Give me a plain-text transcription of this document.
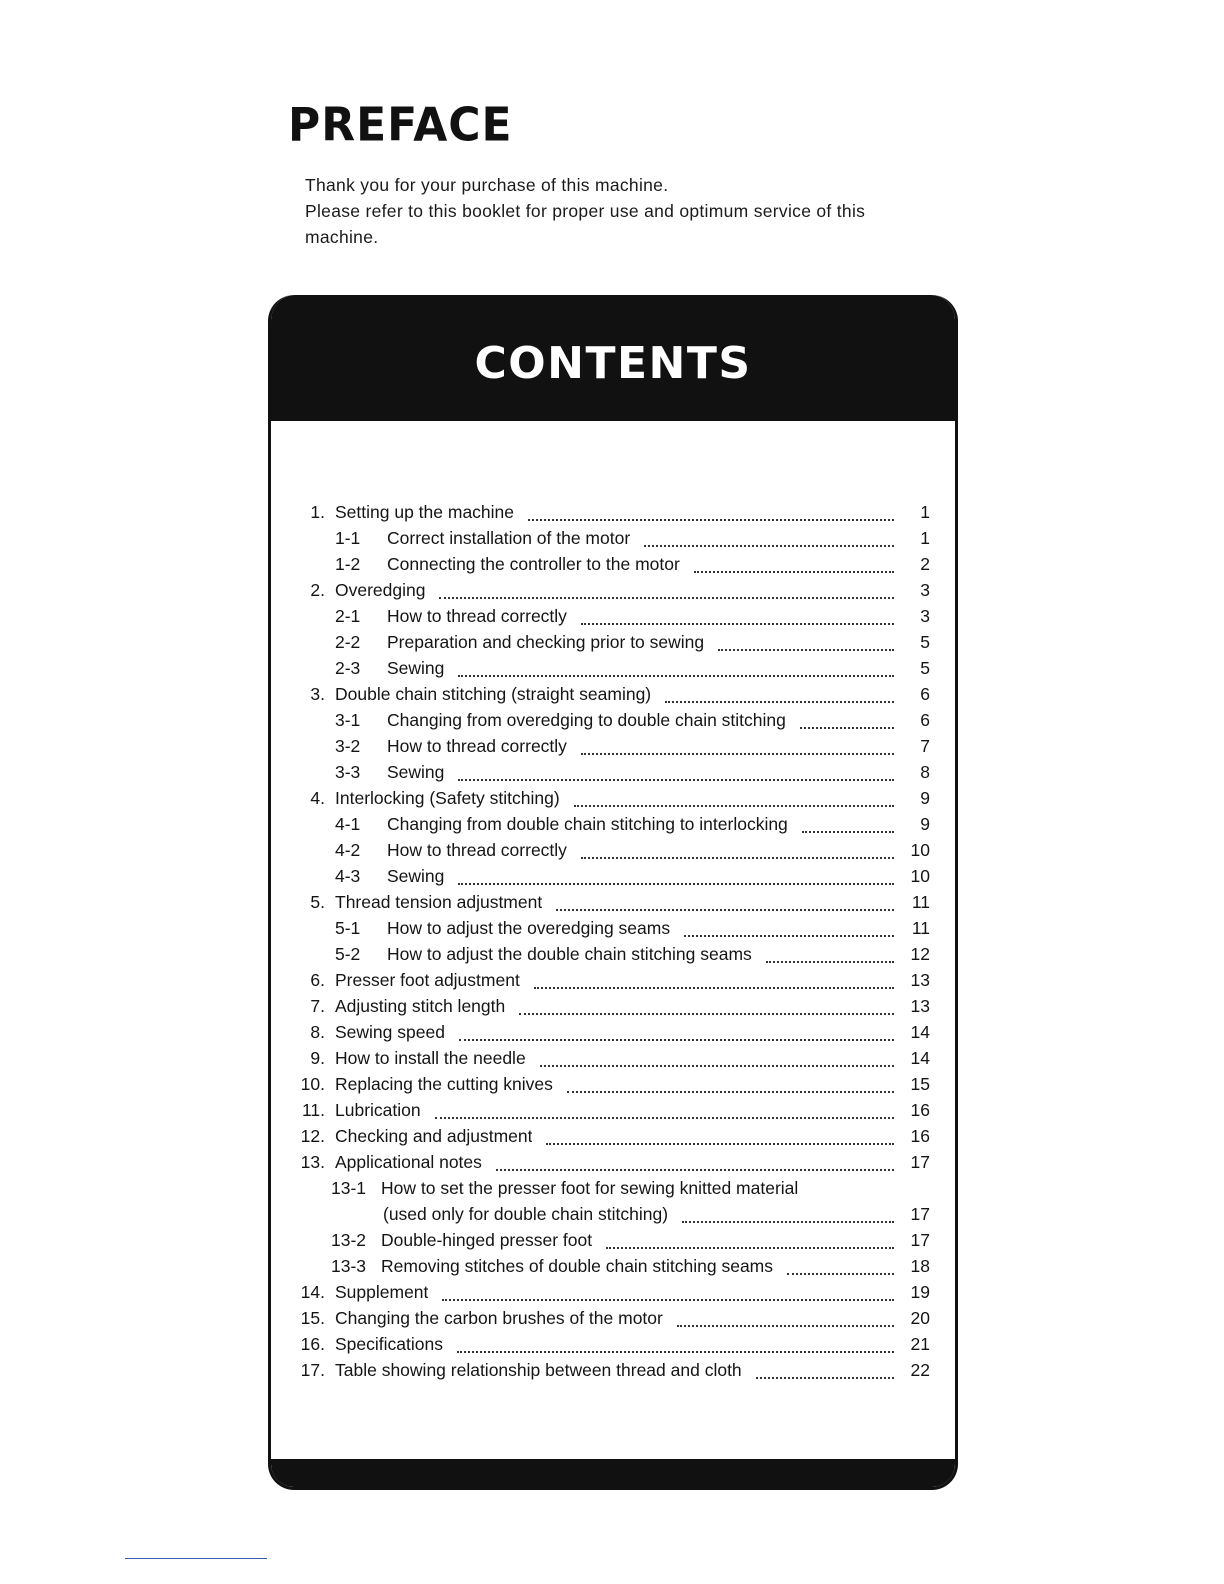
PREFACE
Thank you for your purchase of this machine.
Please refer to this booklet for proper use and optimum service of this
machine.
CONTENTS
1. Setting up the machine	1
1-1 Correct installation of the motor	1
1-2 Connecting the controller to the motor	2
2. Overedging	3
2-1 How to thread correctly	3
2-2 Preparation and checking prior to sewing	5
2-3 Sewing	5
3. Double chain stitching (straight seaming)	6
3-1 Changing from overedging to double chain stitching	6
3-2 How to thread correctly	7
3-3 Sewing	8
4. Interlocking (Safety stitching)	9
4-1 Changing from double chain stitching to interlocking	9
4-2 How to thread correctly	10
4-3 Sewing	10
5. Thread tension adjustment	11
5-1 How to adjust the overedging seams	11
5-2 How to adjust the double chain stitching seams	12
6. Presser foot adjustment	13
7. Adjusting stitch length	13
8. Sewing speed	14
9. How to install the needle	14
10. Replacing the cutting knives	15
11. Lubrication	16
12. Checking and adjustment	16
13. Applicational notes	17
13-1 How to set the presser foot for sewing knitted material
(used only for double chain stitching)	17
13-2 Double-hinged presser foot	17
13-3 Removing stitches of double chain stitching seams	18
14. Supplement	19
15. Changing the carbon brushes of the motor	20
16. Specifications	21
17. Table showing relationship between thread and cloth	22
